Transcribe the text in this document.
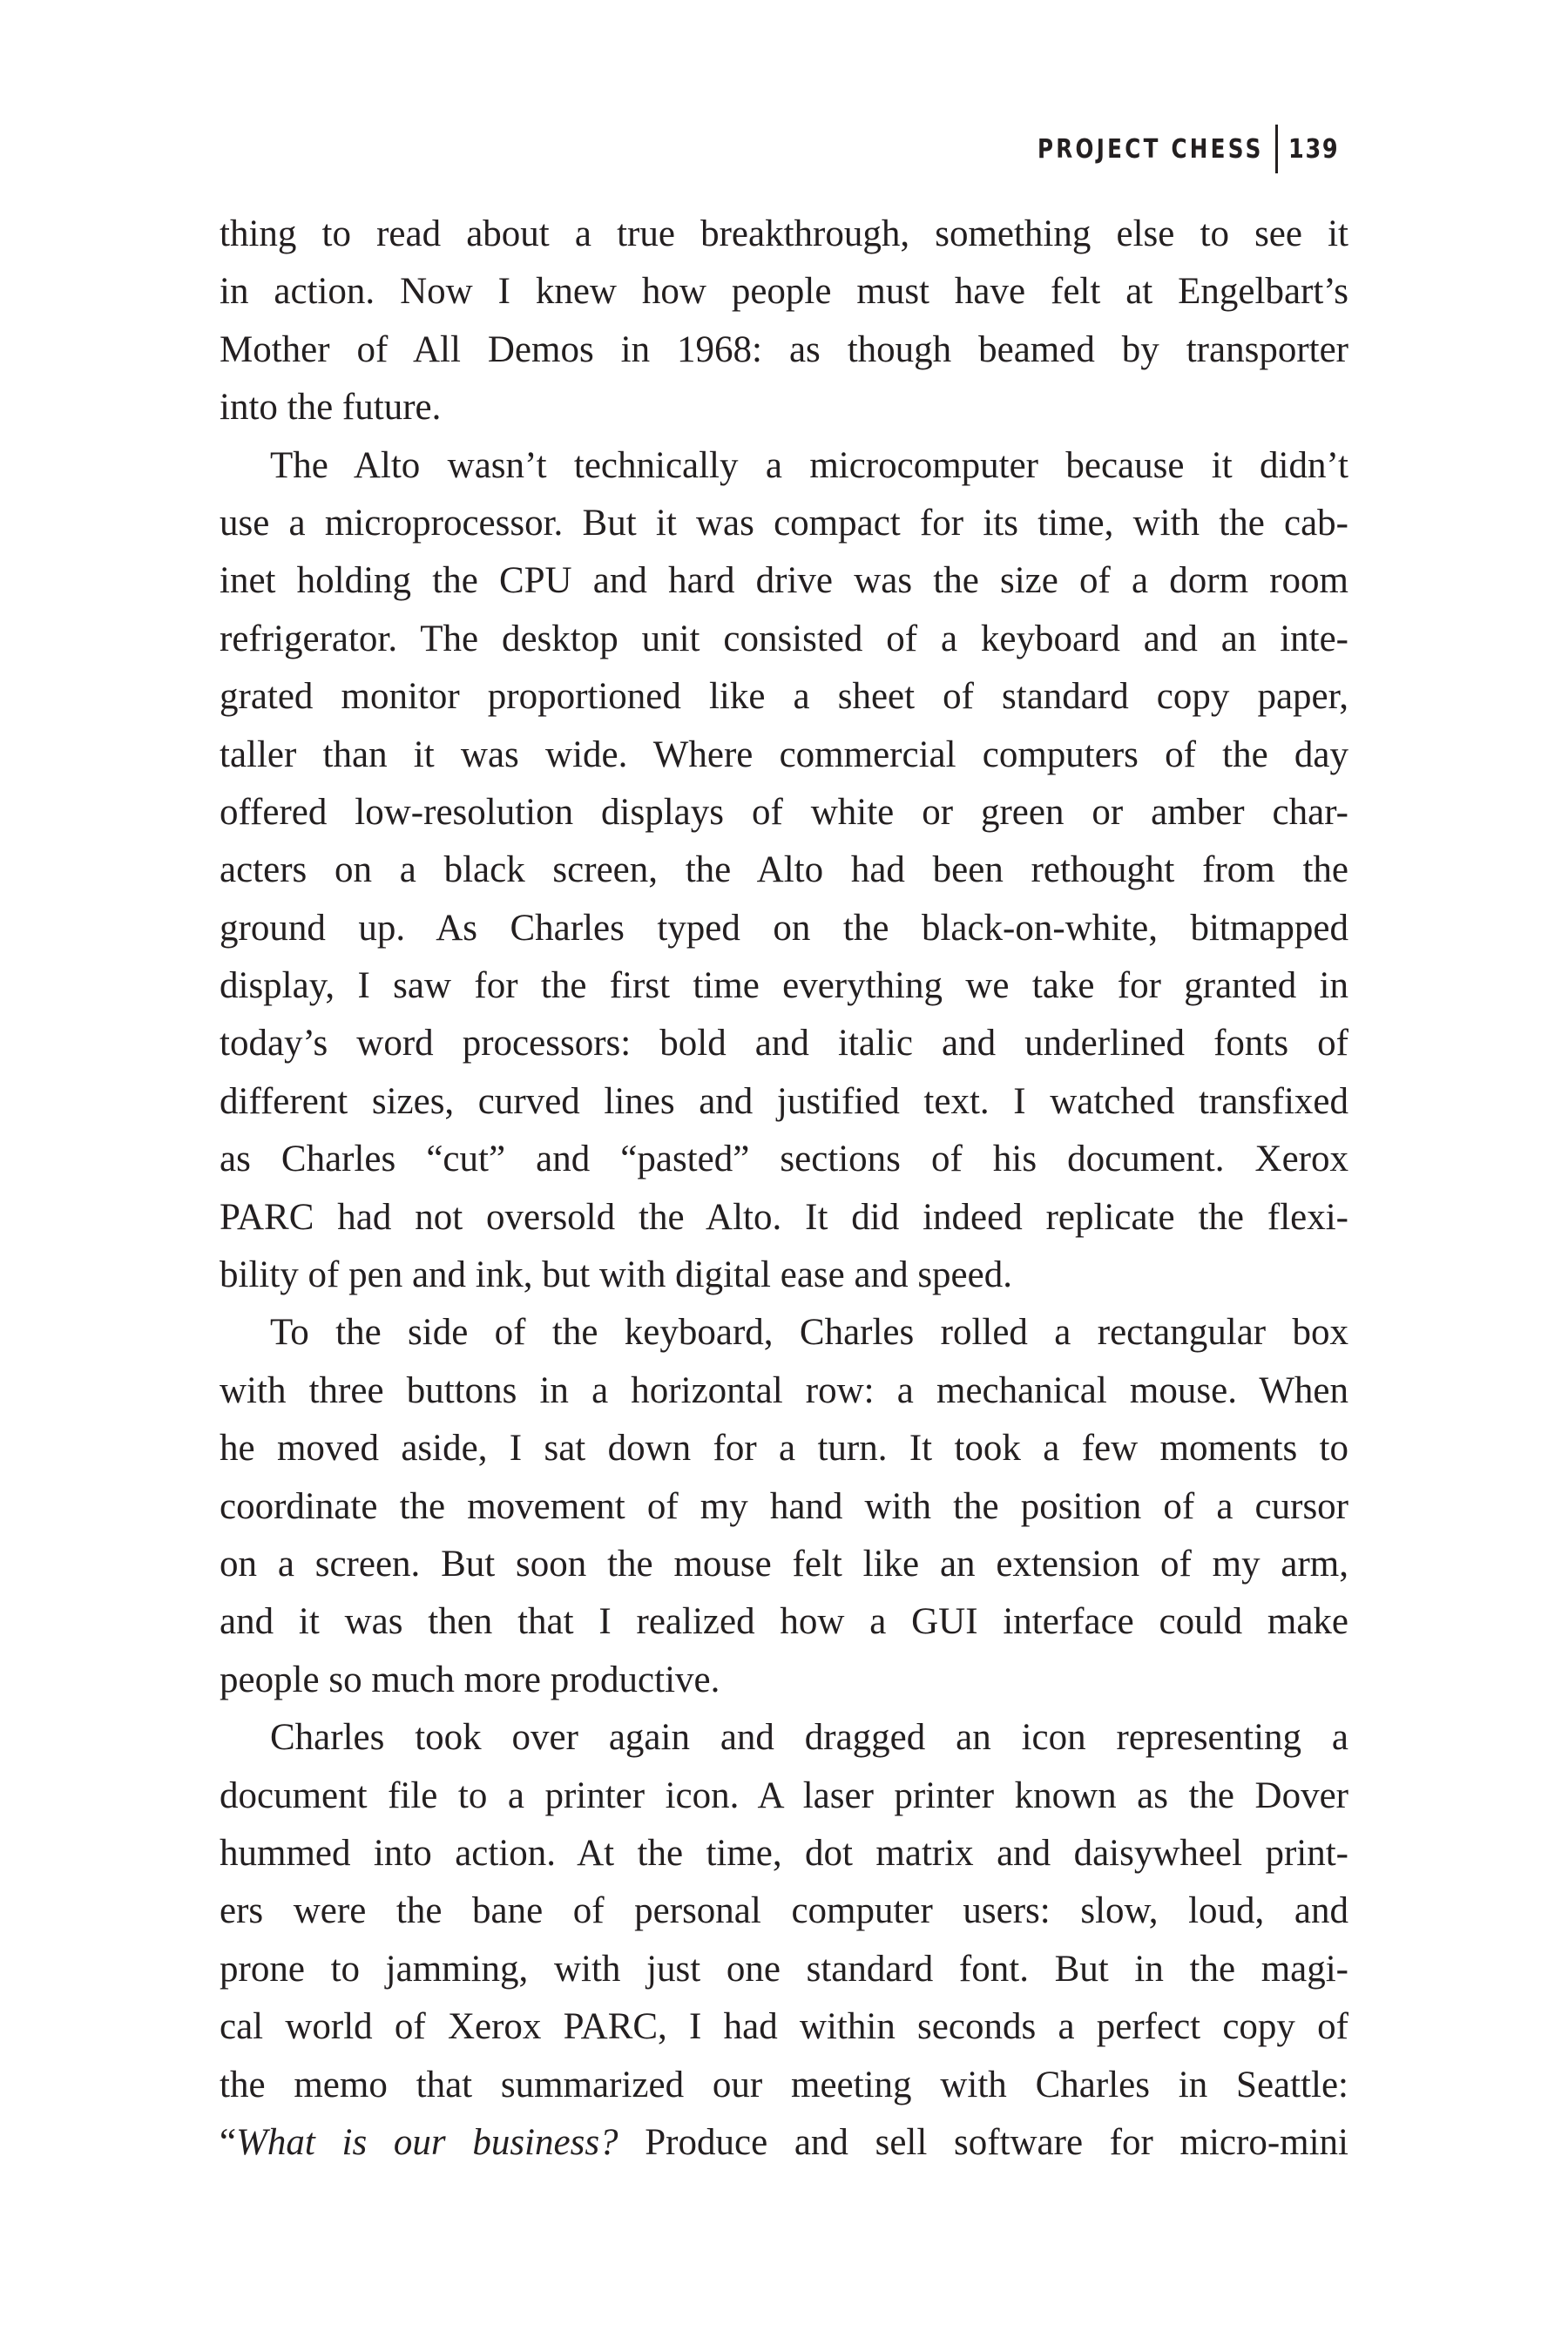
PROJECT CHESS 139
thing to read about a true breakthrough, something else to see it
in action. Now I knew how people must have felt at Engelbart’s
Mother of All Demos in 1968: as though beamed by transporter
into the future.
The Alto wasn’t technically a microcomputer because it didn’t
use a microprocessor. But it was compact for its time, with the cab-
inet holding the CPU and hard drive was the size of a dorm room
refrigerator. The desktop unit consisted of a keyboard and an inte-
grated monitor proportioned like a sheet of standard copy paper,
taller than it was wide. Where commercial computers of the day
offered low-resolution displays of white or green or amber char-
acters on a black screen, the Alto had been rethought from the
ground up. As Charles typed on the black-on-white, bitmapped
display, I saw for the first time everything we take for granted in
today’s word processors: bold and italic and underlined fonts of
different sizes, curved lines and justified text. I watched transfixed
as Charles “cut” and “pasted” sections of his document. Xerox
PARC had not oversold the Alto. It did indeed replicate the flexi-
bility of pen and ink, but with digital ease and speed.
To the side of the keyboard, Charles rolled a rectangular box
with three buttons in a horizontal row: a mechanical mouse. When
he moved aside, I sat down for a turn. It took a few moments to
coordinate the movement of my hand with the position of a cursor
on a screen. But soon the mouse felt like an extension of my arm,
and it was then that I realized how a GUI interface could make
people so much more productive.
Charles took over again and dragged an icon representing a
document file to a printer icon. A laser printer known as the Dover
hummed into action. At the time, dot matrix and daisywheel print-
ers were the bane of personal computer users: slow, loud, and
prone to jamming, with just one standard font. But in the magi-
cal world of Xerox PARC, I had within seconds a perfect copy of
the memo that summarized our meeting with Charles in Seattle:
“What is our business? Produce and sell software for micro-mini
